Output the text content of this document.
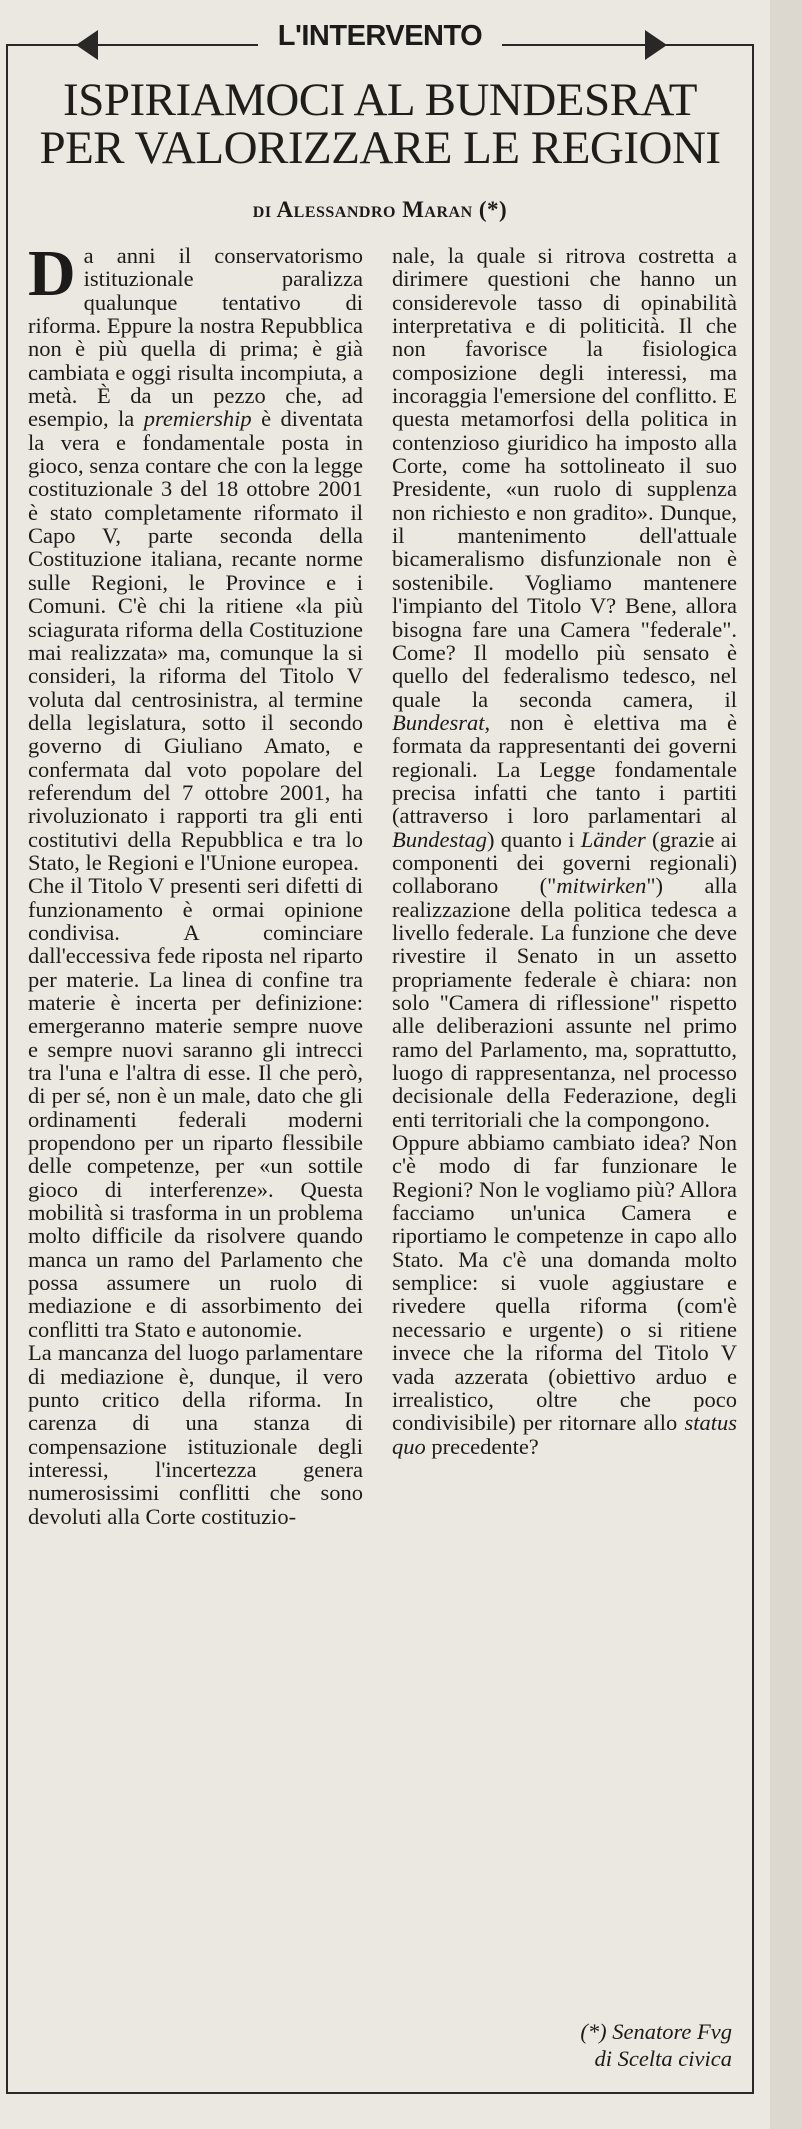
L'INTERVENTO
ISPIRIAMOCI AL BUNDESRAT
PER VALORIZZARE LE REGIONI
di Alessandro Maran (*)

Da anni il conservatorismo istituzionale paralizza qualunque tentativo di riforma. Eppure la nostra Repubblica non è più quella di prima; è già cambiata e oggi risulta incompiuta, a metà. È da un pezzo che, ad esempio, la premiership è diventata la vera e fondamentale posta in gioco, senza contare che con la legge costituzionale 3 del 18 ottobre 2001 è stato completamente riformato il Capo V, parte seconda della Costituzione italiana, recante norme sulle Regioni, le Province e i Comuni. C'è chi la ritiene «la più sciagurata riforma della Costituzione mai realizzata» ma, comunque la si consideri, la riforma del Titolo V voluta dal centrosinistra, al termine della legislatura, sotto il secondo governo di Giuliano Amato, e confermata dal voto popolare del referendum del 7 ottobre 2001, ha rivoluzionato i rapporti tra gli enti costitutivi della Repubblica e tra lo Stato, le Regioni e l'Unione europea.

Che il Titolo V presenti seri difetti di funzionamento è ormai opinione condivisa. A cominciare dall'eccessiva fede riposta nel riparto per materie. La linea di confine tra materie è incerta per definizione: emergeranno materie sempre nuove e sempre nuovi saranno gli intrecci tra l'una e l'altra di esse. Il che però, di per sé, non è un male, dato che gli ordinamenti federali moderni propendono per un riparto flessibile delle competenze, per «un sottile gioco di interferenze». Questa mobilità si trasforma in un problema molto difficile da risolvere quando manca un ramo del Parlamento che possa assumere un ruolo di mediazione e di assorbimento dei conflitti tra Stato e autonomie.

La mancanza del luogo parlamentare di mediazione è, dunque, il vero punto critico della riforma. In carenza di una stanza di compensazione istituzionale degli interessi, l'incertezza genera numerosissimi conflitti che sono devoluti alla Corte costituzio-

nale, la quale si ritrova costretta a dirimere questioni che hanno un considerevole tasso di opinabilità interpretativa e di politicità. Il che non favorisce la fisiologica composizione degli interessi, ma incoraggia l'emersione del conflitto. E questa metamorfosi della politica in contenzioso giuridico ha imposto alla Corte, come ha sottolineato il suo Presidente, «un ruolo di supplenza non richiesto e non gradito». Dunque, il mantenimento dell'attuale bicameralismo disfunzionale non è sostenibile. Vogliamo mantenere l'impianto del Titolo V? Bene, allora bisogna fare una Camera "federale". Come? Il modello più sensato è quello del federalismo tedesco, nel quale la seconda camera, il Bundesrat, non è elettiva ma è formata da rappresentanti dei governi regionali. La Legge fondamentale precisa infatti che tanto i partiti (attraverso i loro parlamentari al Bundestag) quanto i Länder (grazie ai componenti dei governi regionali) collaborano ("mitwirken") alla realizzazione della politica tedesca a livello federale. La funzione che deve rivestire il Senato in un assetto propriamente federale è chiara: non solo "Camera di riflessione" rispetto alle deliberazioni assunte nel primo ramo del Parlamento, ma, soprattutto, luogo di rappresentanza, nel processo decisionale della Federazione, degli enti territoriali che la compongono.

Oppure abbiamo cambiato idea? Non c'è modo di far funzionare le Regioni? Non le vogliamo più? Allora facciamo un'unica Camera e riportiamo le competenze in capo allo Stato. Ma c'è una domanda molto semplice: si vuole aggiustare e rivedere quella riforma (com'è necessario e urgente) o si ritiene invece che la riforma del Titolo V vada azzerata (obiettivo arduo e irrealistico, oltre che poco condivisibile) per ritornare allo status quo precedente?

(*) Senatore Fvg
di Scelta civica
